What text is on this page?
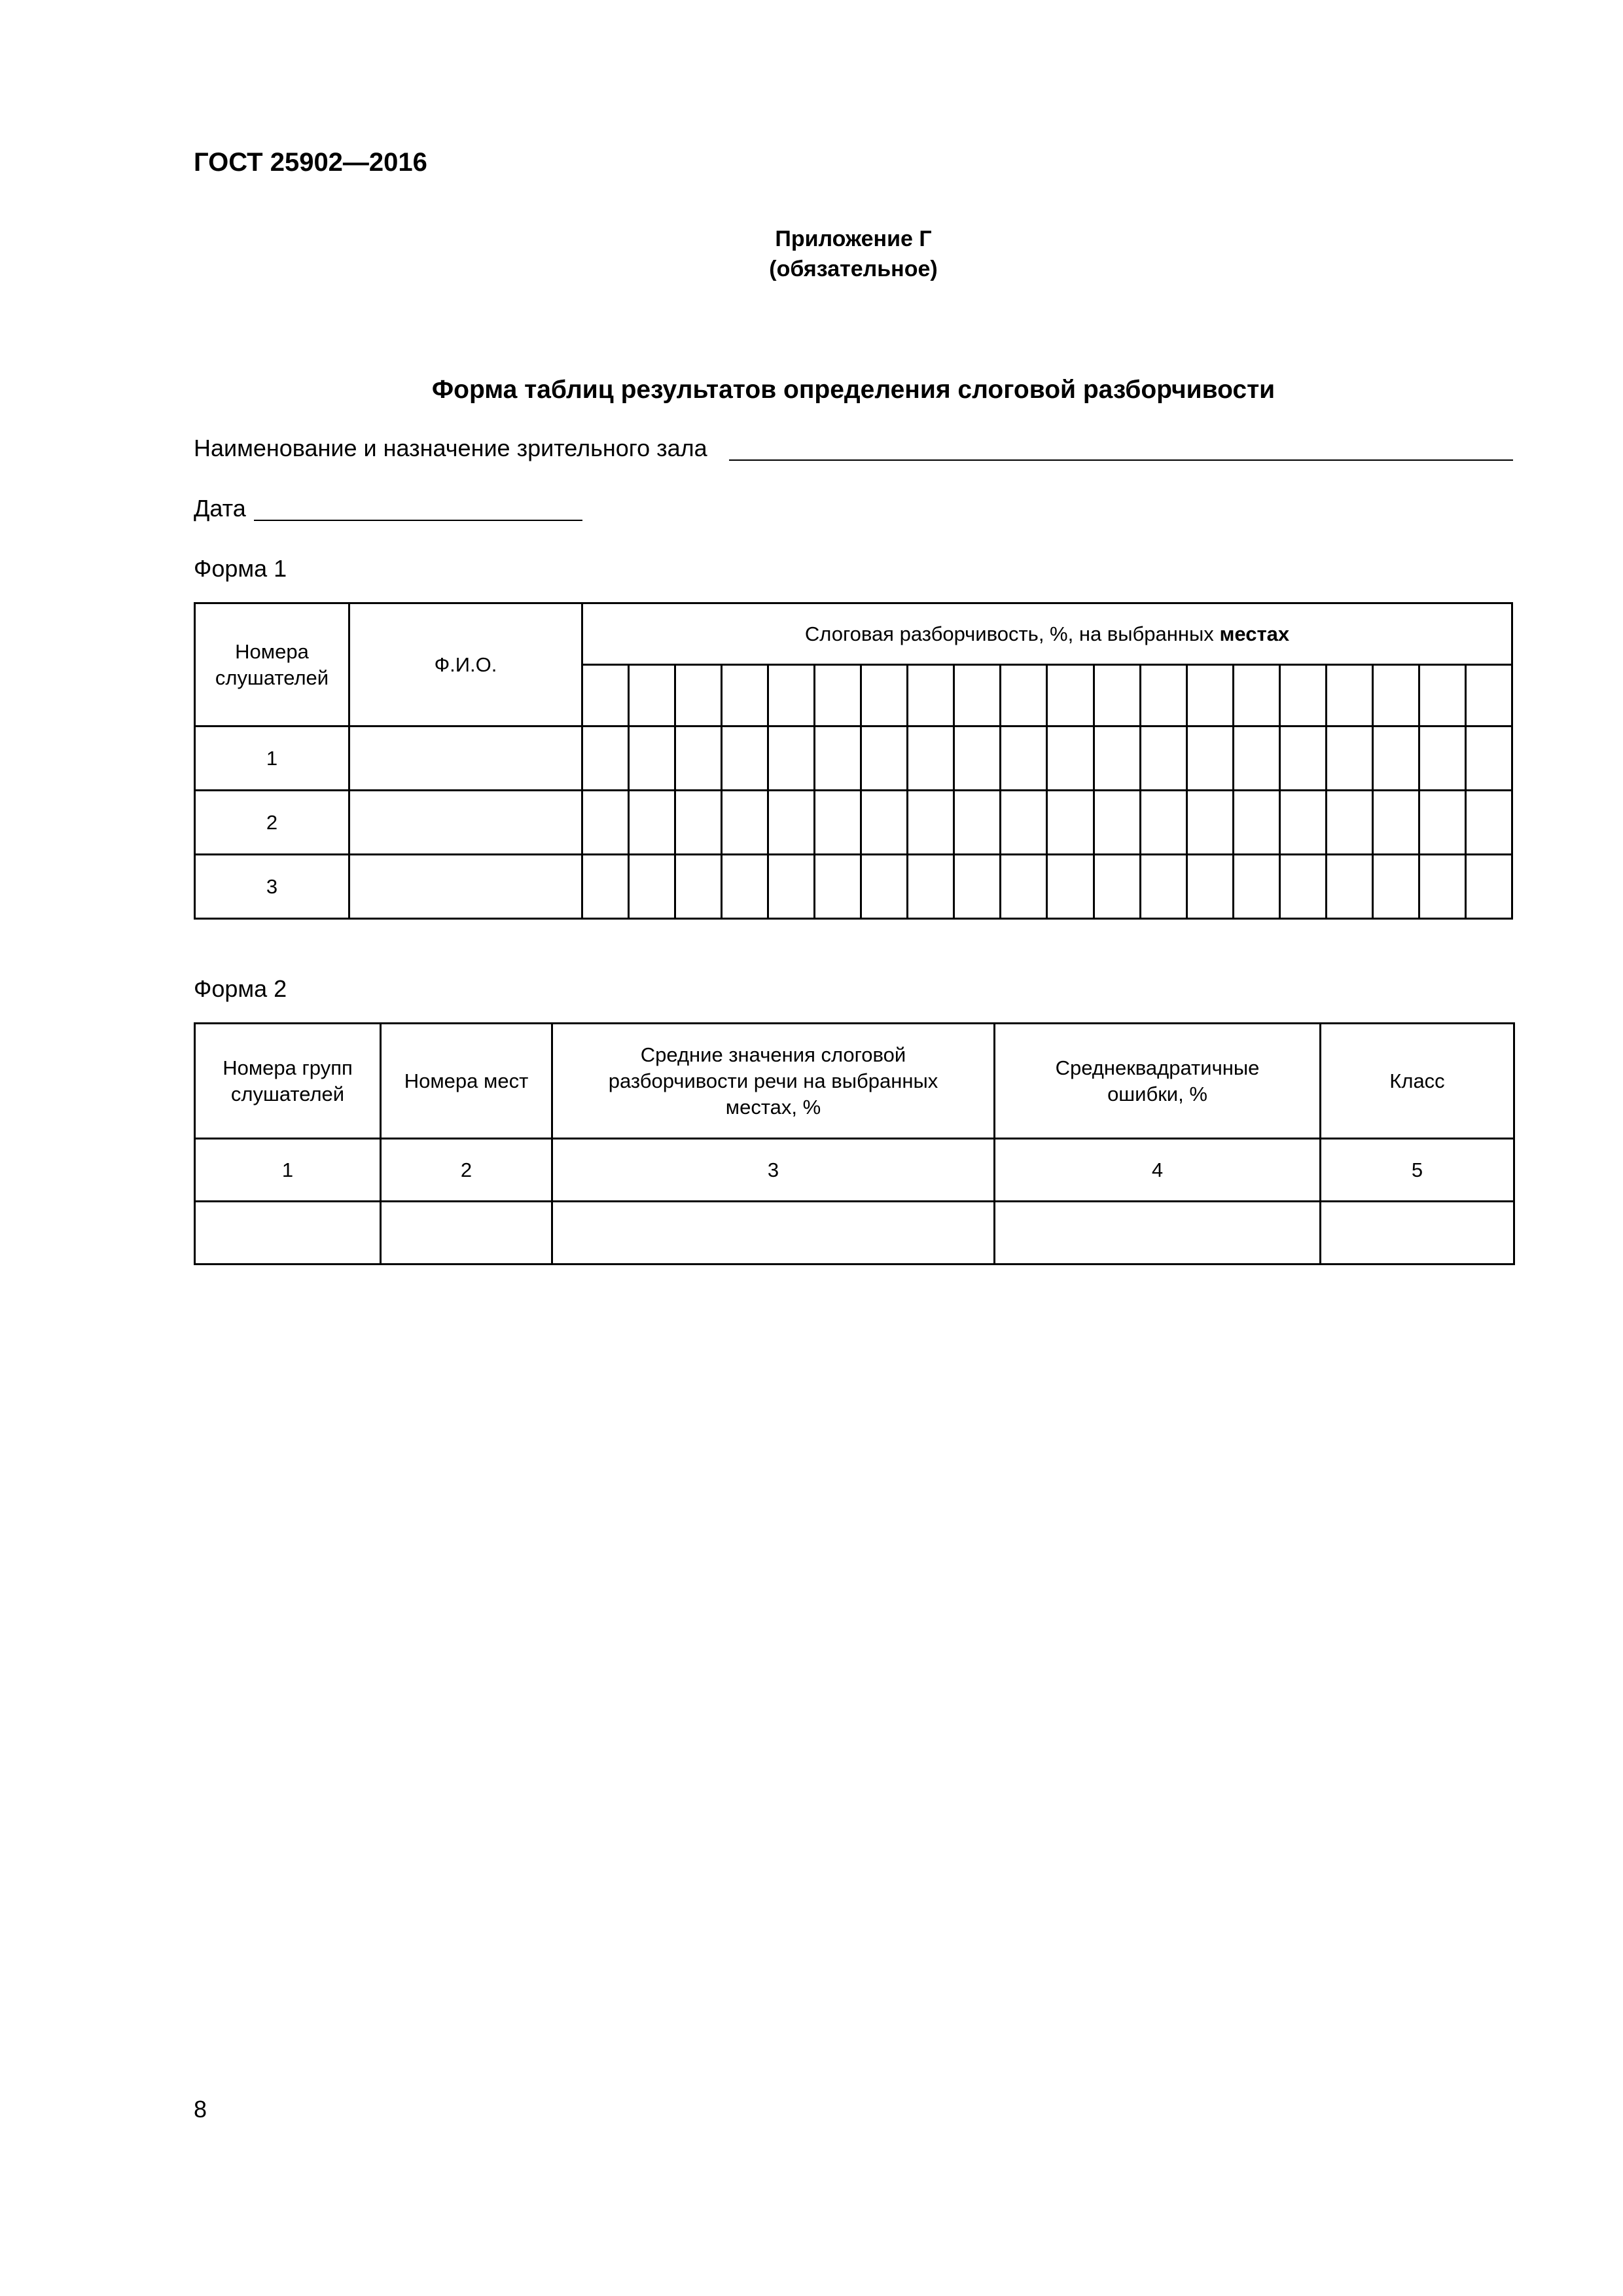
ГОСТ 25902—2016
Приложение Г
(обязательное)
Форма таблиц результатов определения слоговой разборчивости
Наименование и назначение зрительного зала
Дата
Форма 1
Номера слушателей	Ф.И.О.	Слоговая разборчивость, %, на выбранных местах																			

1																					
2																					
3																					
Форма 2
Номера групп слушателей	Номера мест	Средние значения слоговой разборчивости речи на выбранных местах, %	Среднеквадратичные ошибки, %	Класс
1	2	3	4	5

8
